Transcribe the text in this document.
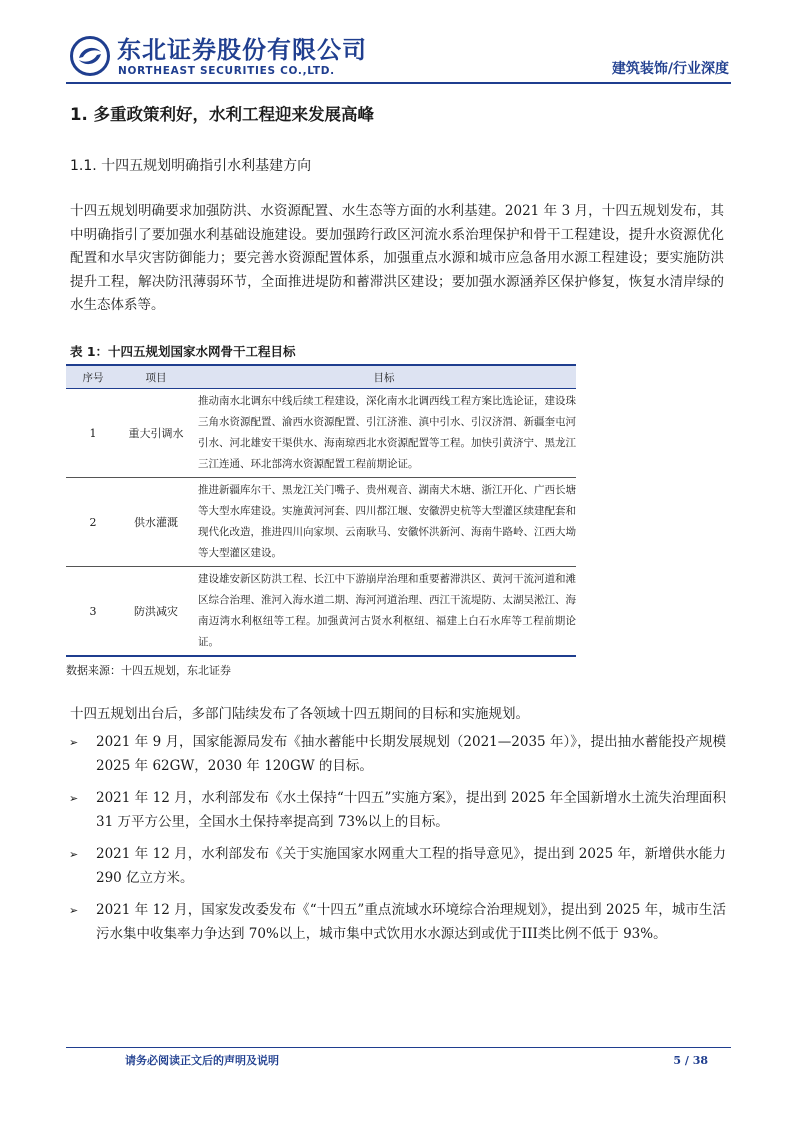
东北证券股份有限公司
NORTHEAST SECURITIES CO.,LTD.	建筑装饰/行业深度
1. 多重政策利好，水利工程迎来发展高峰
1.1. 十四五规划明确指引水利基建方向

十四五规划明确要求加强防洪、水资源配置、水生态等方面的水利基建。2021 年 3 月，十四五规划发布，其中明确指引了要加强水利基础设施建设。要加强跨行政区河流水系治理保护和骨干工程建设，提升水资源优化配置和水旱灾害防御能力；要完善水资源配置体系，加强重点水源和城市应急备用水源工程建设；要实施防洪提升工程，解决防汛薄弱环节，全面推进堤防和蓄滞洪区建设；要加强水源涵养区保护修复，恢复水清岸绿的水生态体系等。

表 1：十四五规划国家水网骨干工程目标
序号	项目	目标
1	重大引调水	推动南水北调东中线后续工程建设，深化南水北调西线工程方案比选论证，建设珠三角水资源配置、渝西水资源配置、引江济淮、滇中引水、引汉济渭、新疆奎屯河引水、河北雄安干渠供水、海南琼西北水资源配置等工程。加快引黄济宁、黑龙江三江连通、环北部湾水资源配置工程前期论证。
2	供水灌溉	推进新疆库尔干、黑龙江关门嘴子、贵州观音、湖南犬木塘、浙江开化、广西长塘等大型水库建设。实施黄河河套、四川都江堰、安徽淠史杭等大型灌区续建配套和现代化改造，推进四川向家坝、云南耿马、安徽怀洪新河、海南牛路岭、江西大坳等大型灌区建设。
3	防洪减灾	建设雄安新区防洪工程、长江中下游崩岸治理和重要蓄滞洪区、黄河干流河道和滩区综合治理、淮河入海水道二期、海河河道治理、西江干流堤防、太湖吴淞江、海南迈湾水利枢纽等工程。加强黄河古贤水利枢纽、福建上白石水库等工程前期论证。
数据来源：十四五规划，东北证券
十四五规划出台后，多部门陆续发布了各领域十四五期间的目标和实施规划。
➢ 2021 年 9 月，国家能源局发布《抽水蓄能中长期发展规划（2021—2035 年）》，提出抽水蓄能投产规模 2025 年 62GW，2030 年 120GW 的目标。
➢ 2021 年 12 月，水利部发布《水土保持“十四五”实施方案》，提出到 2025 年全国新增水土流失治理面积 31 万平方公里，全国水土保持率提高到 73%以上的目标。
➢ 2021 年 12 月，水利部发布《关于实施国家水网重大工程的指导意见》，提出到 2025 年，新增供水能力 290 亿立方米。
➢ 2021 年 12 月，国家发改委发布《“十四五”重点流域水环境综合治理规划》，提出到 2025 年，城市生活污水集中收集率力争达到 70%以上，城市集中式饮用水水源达到或优于III类比例不低于 93%。
请务必阅读正文后的声明及说明	5 / 38
